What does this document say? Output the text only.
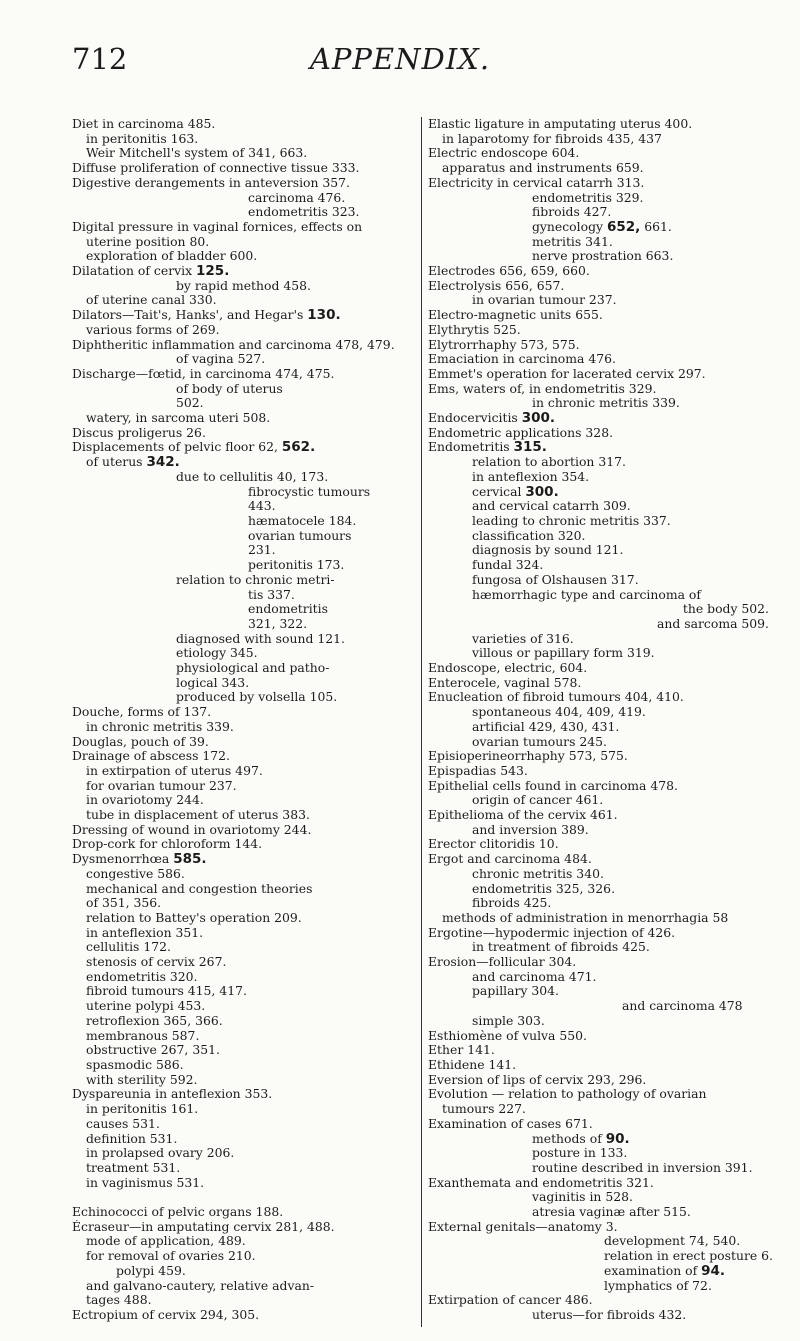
APPENDIX.
712
Diet in carcinoma 485.
in peritonitis 163.
Weir Mitchell's system of 341, 663.
Diffuse proliferation of connective tissue 333.
Digestive derangements in anteversion 357.
carcinoma 476.
endometritis 323.
Digital pressure in vaginal fornices, effects on
uterine position 80.
exploration of bladder 600.
Dilatation of cervix 125.
by rapid method 458.
of uterine canal 330.
Dilators—Tait's, Hanks', and Hegar's 130.
various forms of 269.
Diphtheritic inflammation and carcinoma 478, 479.
of vagina 527.
Discharge—fœtid, in carcinoma 474, 475.
of body of uterus
502.
watery, in sarcoma uteri 508.
Discus proligerus 26.
Displacements of pelvic floor 62, 562.
of uterus 342.
due to cellulitis 40, 173.
fibrocystic tumours
443.
hæmatocele 184.
ovarian tumours
231.
peritonitis 173.
relation to chronic metri-
tis 337.
endometritis
321, 322.
diagnosed with sound 121.
etiology 345.
physiological and patho-
logical 343.
produced by volsella 105.
Douche, forms of 137.
in chronic metritis 339.
Douglas, pouch of 39.
Drainage of abscess 172.
in extirpation of uterus 497.
for ovarian tumour 237.
in ovariotomy 244.
tube in displacement of uterus 383.
Dressing of wound in ovariotomy 244.
Drop-cork for chloroform 144.
Dysmenorrhœa 585.
congestive 586.
mechanical and congestion theories
of 351, 356.
relation to Battey's operation 209.
in anteflexion 351.
cellulitis 172.
stenosis of cervix 267.
endometritis 320.
fibroid tumours 415, 417.
uterine polypi 453.
retroflexion 365, 366.
membranous 587.
obstructive 267, 351.
spasmodic 586.
with sterility 592.
Dyspareunia in anteflexion 353.
in peritonitis 161.
causes 531.
definition 531.
in prolapsed ovary 206.
treatment 531.
in vaginismus 531.
Echinococci of pelvic organs 188.
Écraseur—in amputating cervix 281, 488.
mode of application, 489.
for removal of ovaries 210.
polypi 459.
and galvano-cautery, relative advan-
tages 488.
Ectropium of cervix 294, 305.
Elastic ligature in amputating uterus 400.
in laparotomy for fibroids 435, 437
Electric endoscope 604.
apparatus and instruments 659.
Electricity in cervical catarrh 313.
endometritis 329.
fibroids 427.
gynecology 652, 661.
metritis 341.
nerve prostration 663.
Electrodes 656, 659, 660.
Electrolysis 656, 657.
in ovarian tumour 237.
Electro-magnetic units 655.
Elythrytis 525.
Elytrorrhaphy 573, 575.
Emaciation in carcinoma 476.
Emmet's operation for lacerated cervix 297.
Ems, waters of, in endometritis 329.
in chronic metritis 339.
Endocervicitis 300.
Endometric applications 328.
Endometritis 315.
relation to abortion 317.
in anteflexion 354.
cervical 300.
and cervical catarrh 309.
leading to chronic metritis 337.
classification 320.
diagnosis by sound 121.
fundal 324.
fungosa of Olshausen 317.
hæmorrhagic type and carcinoma of
the body 502.
and sarcoma 509.
varieties of 316.
villous or papillary form 319.
Endoscope, electric, 604.
Enterocele, vaginal 578.
Enucleation of fibroid tumours 404, 410.
spontaneous 404, 409, 419.
artificial 429, 430, 431.
ovarian tumours 245.
Episioperineorrhaphy 573, 575.
Epispadias 543.
Epithelial cells found in carcinoma 478.
origin of cancer 461.
Epithelioma of the cervix 461.
and inversion 389.
Erector clitoridis 10.
Ergot and carcinoma 484.
chronic metritis 340.
endometritis 325, 326.
fibroids 425.
methods of administration in menorrhagia 58
Ergotine—hypodermic injection of 426.
in treatment of fibroids 425.
Erosion—follicular 304.
and carcinoma 471.
papillary 304.
and carcinoma 478
simple 303.
Esthiomène of vulva 550.
Ether 141.
Ethidene 141.
Eversion of lips of cervix 293, 296.
Evolution — relation to pathology of ovarian
tumours 227.
Examination of cases 671.
methods of 90.
posture in 133.
routine described in inversion 391.
Exanthemata and endometritis 321.
vaginitis in 528.
atresia vaginæ after 515.
External genitals—anatomy 3.
development 74, 540.
relation in erect posture 6.
examination of 94.
lymphatics of 72.
Extirpation of cancer 486.
uterus—for fibroids 432.
